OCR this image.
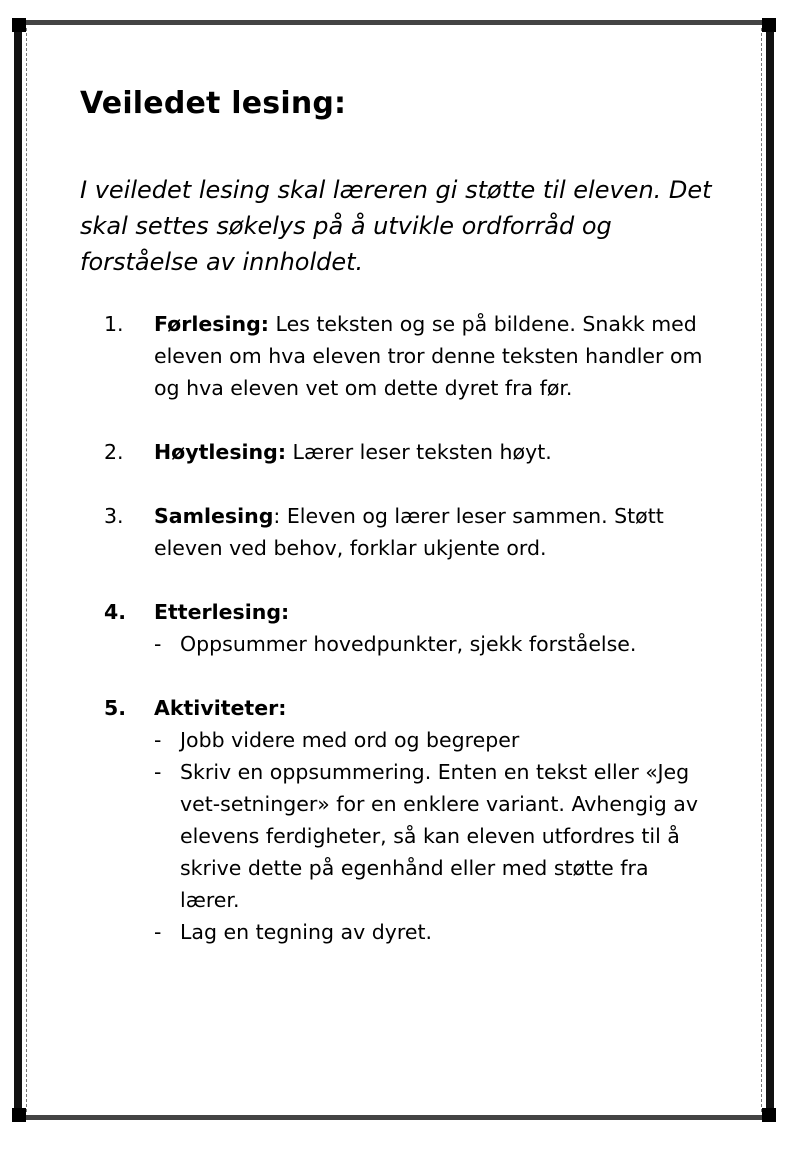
Veiledet lesing:

I veiledet lesing skal læreren gi støtte til eleven. Det skal settes søkelys på å utvikle ordforråd og forståelse av innholdet.

1.	Førlesing: Les teksten og se på bildene. Snakk med eleven om hva eleven tror denne teksten handler om og hva eleven vet om dette dyret fra før.
2.	Høytlesing: Lærer leser teksten høyt.
3.	Samlesing: Eleven og lærer leser sammen. Støtt eleven ved behov, forklar ukjente ord.
4.	Etterlesing:
- Oppsummer hovedpunkter, sjekk forståelse.
5.	Aktiviteter:
- Jobb videre med ord og begreper
- Skriv en oppsummering. Enten en tekst eller «Jeg vet-setninger» for en enklere variant. Avhengig av elevens ferdigheter, så kan eleven utfordres til å skrive dette på egenhånd eller med støtte fra lærer.
- Lag en tegning av dyret.
